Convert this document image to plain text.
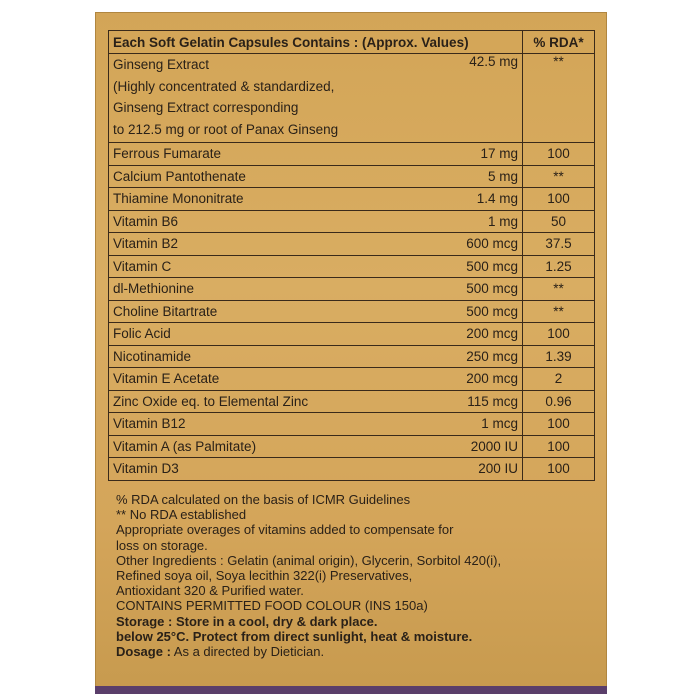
Each Soft Gelatin Capsules Contains : (Approx. Values)		% RDA*

Ginseng Extract
(Highly concentrated & standardized,
Ginseng Extract corresponding
to 212.5 mg or root of Panax Ginseng	42.5 mg	**
Ferrous Fumarate	17 mg	100
Calcium Pantothenate	5 mg	**
Thiamine Mononitrate	1.4 mg	100
Vitamin B6	1 mg	50
Vitamin B2	600 mcg	37.5
Vitamin C	500 mcg	1.25
dl-Methionine	500 mcg	**
Choline Bitartrate	500 mcg	**
Folic Acid	200 mcg	100
Nicotinamide	250 mcg	1.39
Vitamin E Acetate	200 mcg	2
Zinc Oxide eq. to Elemental Zinc	115 mcg	0.96
Vitamin B12	1 mcg	100
Vitamin A (as Palmitate)	2000 IU	100
Vitamin D3	200 IU	100
% RDA calculated on the basis of ICMR Guidelines
** No RDA established
Appropriate overages of vitamins added to compensate for
loss on storage.
Other Ingredients : Gelatin (animal origin), Glycerin, Sorbitol 420(i),
Refined soya oil, Soya lecithin 322(i) Preservatives,
Antioxidant 320 & Purified water.
CONTAINS PERMITTED FOOD COLOUR (INS 150a)
Storage : Store in a cool, dry & dark place.
below 25°C. Protect from direct sunlight, heat & moisture.
Dosage : As a directed by Dietician.
